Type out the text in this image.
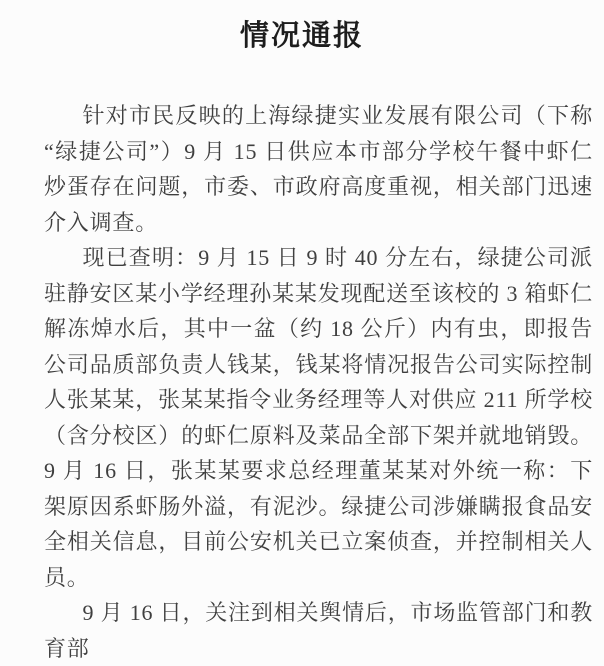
情况通报

针对市民反映的上海绿捷实业发展有限公司（下称“绿捷公司”）9 月 15 日供应本市部分学校午餐中虾仁炒蛋存在问题，市委、市政府高度重视，相关部门迅速介入调查。

现已查明：9 月 15 日 9 时 40 分左右，绿捷公司派驻静安区某小学经理孙某某发现配送至该校的 3 箱虾仁解冻焯水后，其中一盆（约 18 公斤）内有虫，即报告公司品质部负责人钱某，钱某将情况报告公司实际控制人张某某，张某某指令业务经理等人对供应 211 所学校（含分校区）的虾仁原料及菜品全部下架并就地销毁。9 月 16 日，张某某要求总经理董某某对外统一称：下架原因系虾肠外溢，有泥沙。绿捷公司涉嫌瞒报食品安全相关信息，目前公安机关已立案侦查，并控制相关人员。

9 月 16 日，关注到相关舆情后，市场监管部门和教育部
